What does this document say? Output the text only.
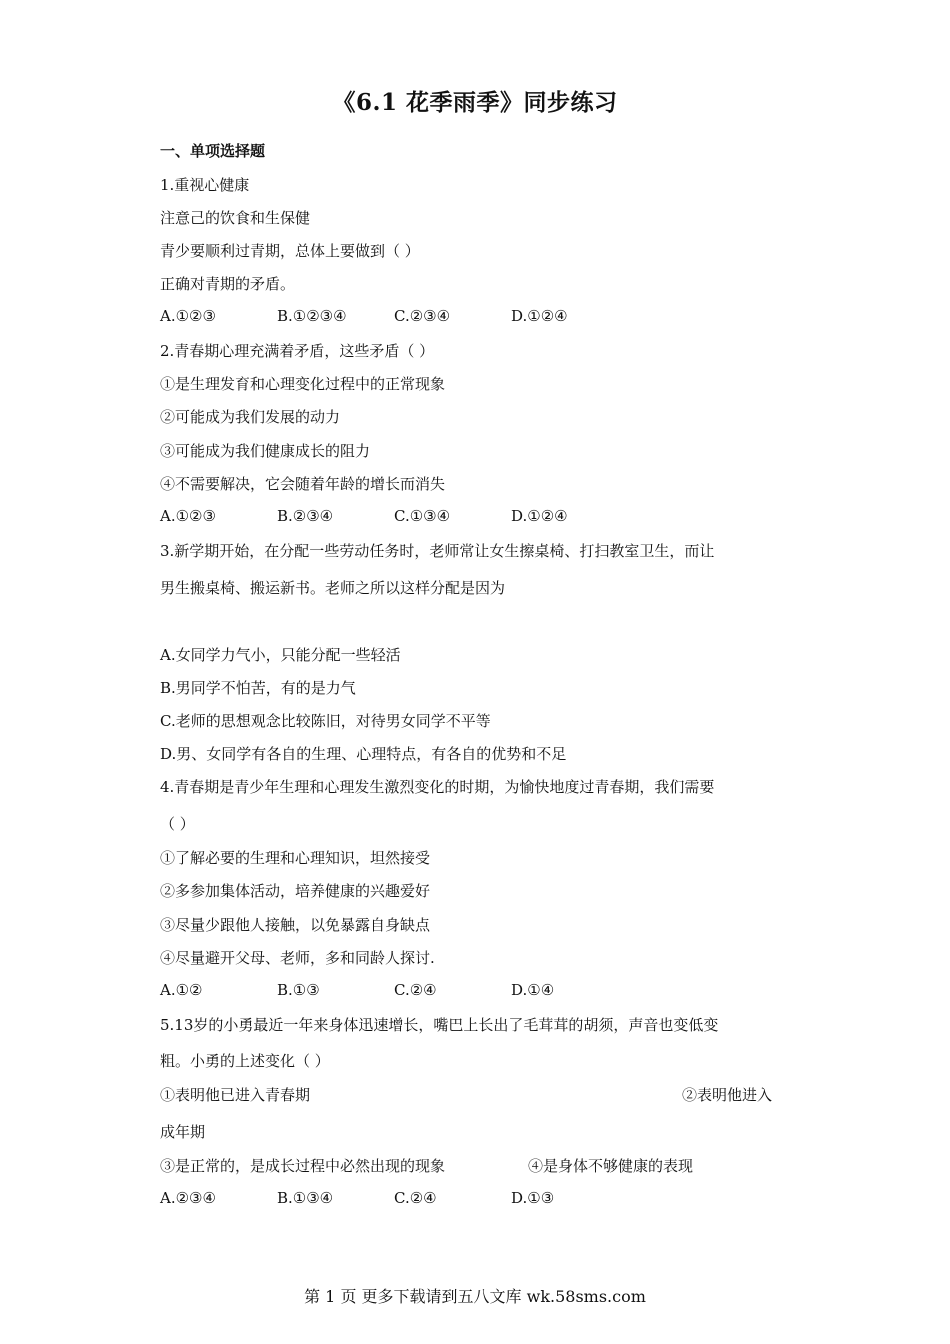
《6.1 花季雨季》同步练习
一、单项选择题
1.重视心健康
注意己的饮食和生保健
青少要顺利过青期，总体上要做到（ ）
正确对青期的矛盾。
A.①②③	B.①②③④	C.②③④	D.①②④
2.青春期心理充满着矛盾，这些矛盾（ ）
①是生理发育和心理变化过程中的正常现象
②可能成为我们发展的动力
③可能成为我们健康成长的阻力
④不需要解决，它会随着年龄的增长而消失
A.①②③	B.②③④	C.①③④	D.①②④
3.新学期开始，在分配一些劳动任务时，老师常让女生擦桌椅、打扫教室卫生，而让
男生搬桌椅、搬运新书。老师之所以这样分配是因为
A.女同学力气小，只能分配一些轻活
B.男同学不怕苦，有的是力气
C.老师的思想观念比较陈旧，对待男女同学不平等
D.男、女同学有各自的生理、心理特点，有各自的优势和不足
4.青春期是青少年生理和心理发生激烈变化的时期，为愉快地度过青春期，我们需要
（ ）
①了解必要的生理和心理知识，坦然接受
②多参加集体活动，培养健康的兴趣爱好
③尽量少跟他人接触，以免暴露自身缺点
④尽量避开父母、老师，多和同龄人探讨.
A.①②	B.①③	C.②④	D.①④
5.13岁的小勇最近一年来身体迅速增长，嘴巴上长出了毛茸茸的胡须，声音也变低变
粗。小勇的上述变化（ ）
①表明他已进入青春期	②表明他进入
成年期
③是正常的，是成长过程中必然出现的现象	④是身体不够健康的表现
A.②③④	B.①③④	C.②④	D.①③
第 1 页 更多下载请到五八文库 wk.58sms.com
